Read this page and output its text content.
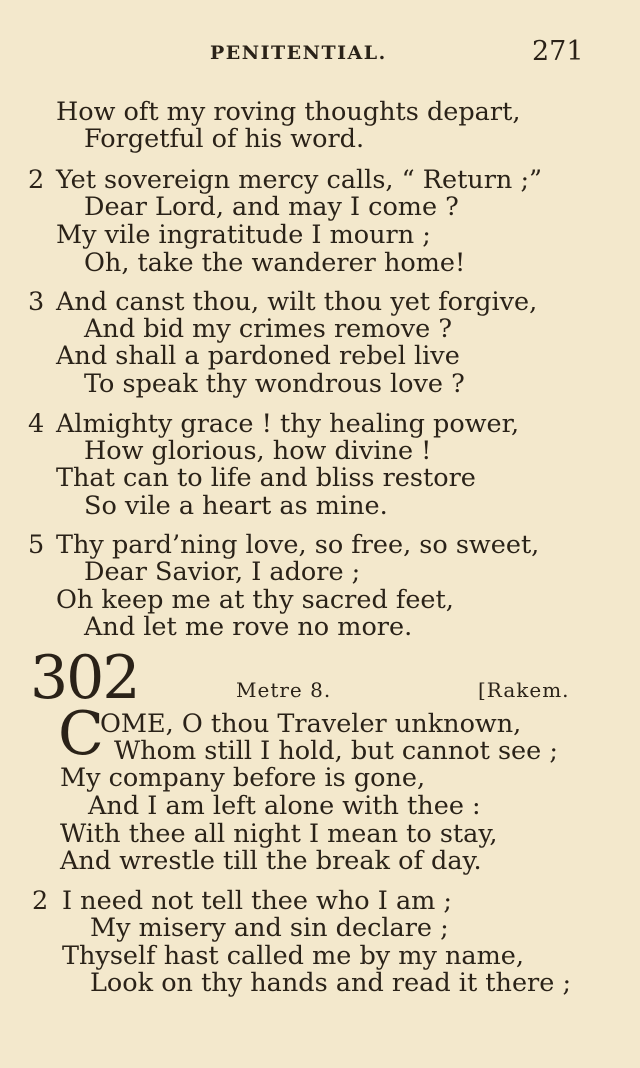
PENITENTIAL.	271
How oft my roving thoughts depart,
Forgetful of his word.
2 Yet sovereign mercy calls, “ Return ;”
Dear Lord, and may I come ?
My vile ingratitude I mourn ;
Oh, take the wanderer home!
3 And canst thou, wilt thou yet forgive,
And bid my crimes remove ?
And shall a pardoned rebel live
To speak thy wondrous love ?
4 Almighty grace ! thy healing power,
How glorious, how divine !
That can to life and bliss restore
So vile a heart as mine.
5 Thy pard’ning love, so free, so sweet,
Dear Savior, I adore ;
Oh keep me at thy sacred feet,
And let me rove no more.
302	Metre 8.	[Rakem.
C
OME, O thou Traveler unknown,
Whom still I hold, but cannot see ;
My company before is gone,
And I am left alone with thee :
With thee all night I mean to stay,
And wrestle till the break of day.
2 I need not tell thee who I am ;
My misery and sin declare ;
Thyself hast called me by my name,
Look on thy hands and read it there ;
